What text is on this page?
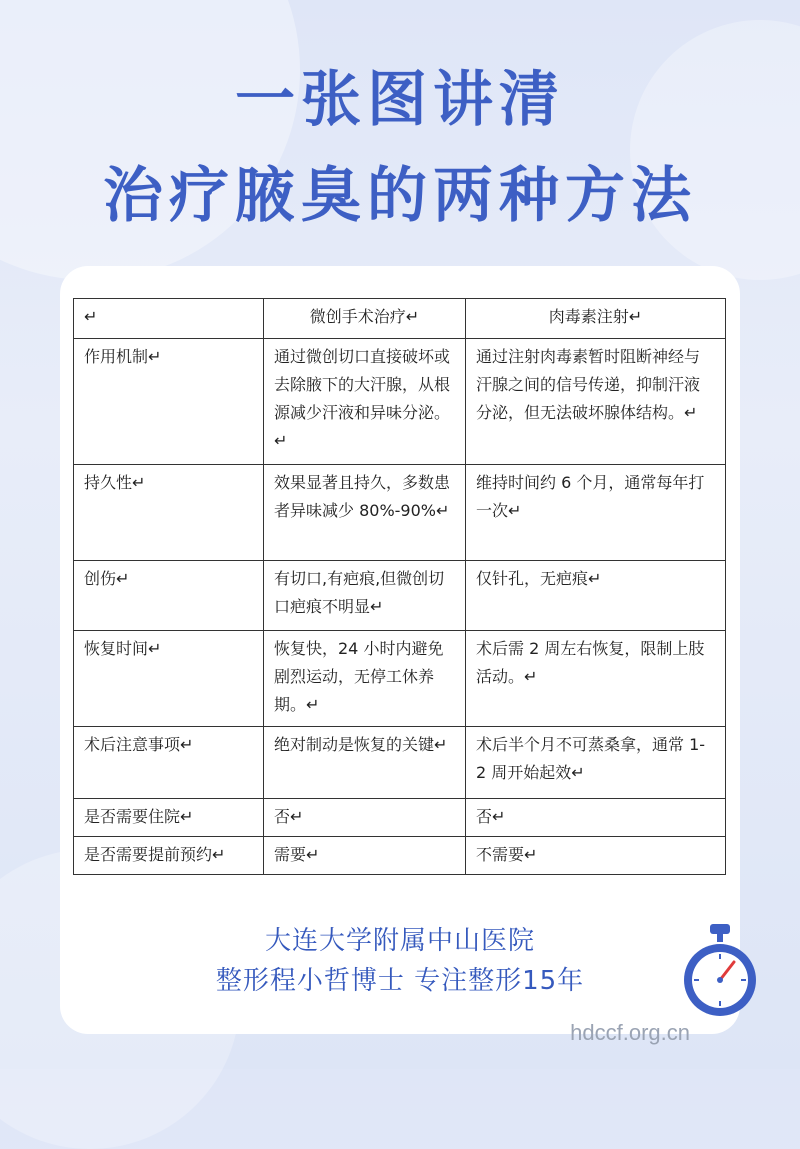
一张图讲清
治疗腋臭的两种方法
↵	微创手术治疗↵	肉毒素注射↵
作用机制↵	通过微创切口直接破坏或去除腋下的大汗腺，从根源减少汗液和异味分泌。↵	通过注射肉毒素暂时阻断神经与汗腺之间的信号传递，抑制汗液分泌，但无法破坏腺体结构。↵
持久性↵	效果显著且持久，多数患者异味减少 80%-90%↵	维持时间约 6 个月，通常每年打一次↵
创伤↵	有切口,有疤痕,但微创切口疤痕不明显↵	仅针孔，无疤痕↵
恢复时间↵	恢复快，24 小时内避免剧烈运动，无停工休养期。↵	术后需 2 周左右恢复，限制上肢活动。↵
术后注意事项↵	绝对制动是恢复的关键↵	术后半个月不可蒸桑拿，通常 1-2 周开始起效↵
是否需要住院↵	否↵	否↵
是否需要提前预约↵	需要↵	不需要↵
大连大学附属中山医院
整形程小哲博士 专注整形15年
hdccf.org.cn
